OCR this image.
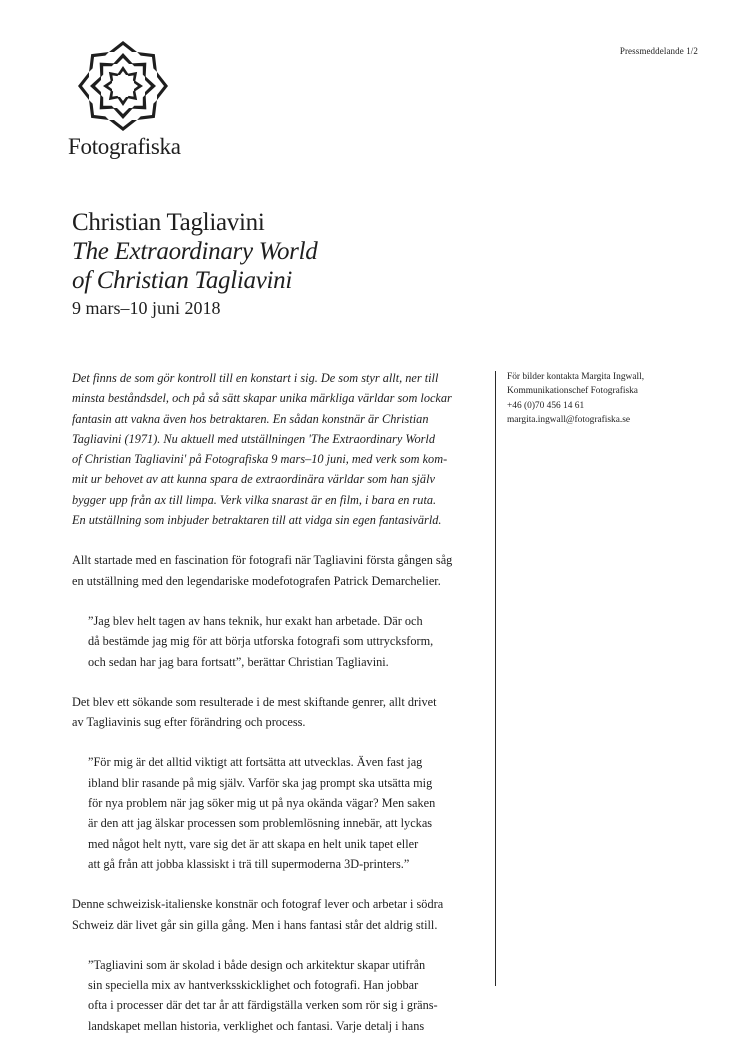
Pressmeddelande 1/2
Fotografiska
Christian Tagliavini
The Extraordinary World
of Christian Tagliavini
9 mars–10 juni 2018

Det finns de som gör kontroll till en konstart i sig. De som styr allt, ner till
minsta beståndsdel, och på så sätt skapar unika märkliga världar som lockar
fantasin att vakna även hos betraktaren. En sådan konstnär är Christian
Tagliavini (1971). Nu aktuell med utställningen 'The Extraordinary World
of Christian Tagliavini' på Fotografiska 9 mars–10 juni, med verk som kom-
mit ur behovet av att kunna spara de extraordinära världar som han själv
bygger upp från ax till limpa. Verk vilka snarast är en film, i bara en ruta.
En utställning som inbjuder betraktaren till att vidga sin egen fantasivärld.

Allt startade med en fascination för fotografi när Tagliavini första gången såg
en utställning med den legendariske modefotografen Patrick Demarchelier.

”Jag blev helt tagen av hans teknik, hur exakt han arbetade. Där och
då bestämde jag mig för att börja utforska fotografi som uttrycksform,
och sedan har jag bara fortsatt”, berättar Christian Tagliavini.

Det blev ett sökande som resulterade i de mest skiftande genrer, allt drivet
av Tagliavinis sug efter förändring och process.

”För mig är det alltid viktigt att fortsätta att utvecklas. Även fast jag
ibland blir rasande på mig själv. Varför ska jag prompt ska utsätta mig
för nya problem när jag söker mig ut på nya okända vägar? Men saken
är den att jag älskar processen som problemlösning innebär, att lyckas
med något helt nytt, vare sig det är att skapa en helt unik tapet eller
att gå från att jobba klassiskt i trä till supermoderna 3D-printers.”

Denne schweizisk-italienske konstnär och fotograf lever och arbetar i södra
Schweiz där livet går sin gilla gång. Men i hans fantasi står det aldrig still.

”Tagliavini som är skolad i både design och arkitektur skapar utifrån
sin speciella mix av hantverksskicklighet och fotografi. Han jobbar
ofta i processer där det tar år att färdigställa verken som rör sig i gräns-
landskapet mellan historia, verklighet och fantasi. Varje detalj i hans

För bilder kontakta Margita Ingwall,
Kommunikationschef Fotografiska
+46 (0)70 456 14 61
margita.ingwall@fotografiska.se
